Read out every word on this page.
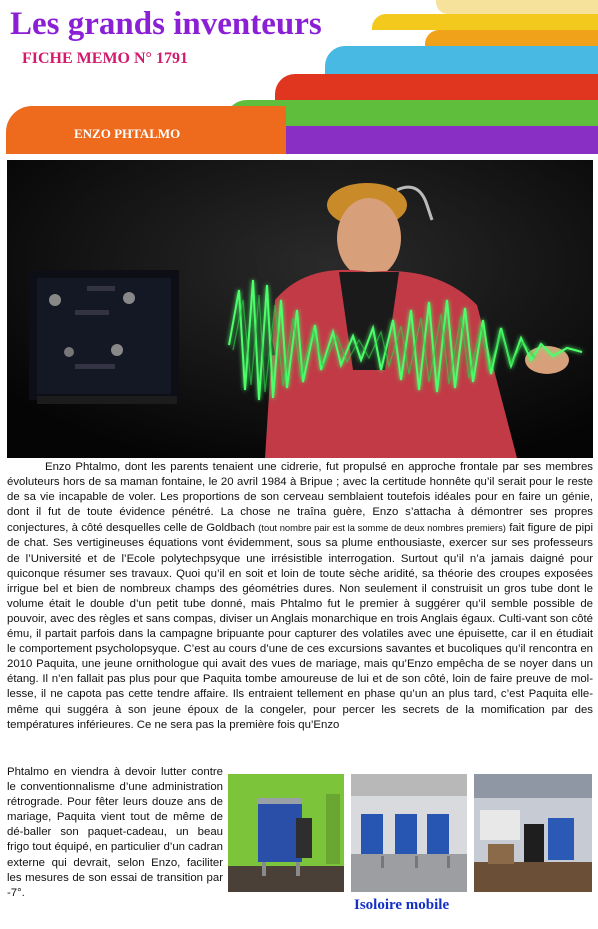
Les grands inventeurs
FICHE MEMO N° 1791
ENZO PHTALMO

Enzo Phtalmo, dont les parents tenaient une cidrerie, fut propulsé en approche frontale par ses membres évoluteurs hors de sa maman fontaine, le 20 avril 1984 à Bripue ; avec la certitude honnête qu’il serait pour le reste de sa vie incapable de voler. Les proportions de son cerveau semblaient toutefois idéales pour en faire un génie, dont il fut de toute évidence pénétré. La chose ne traîna guère, Enzo s’attacha à démontrer ses propres conjectures, à côté desquelles celle de Goldbach (tout nombre pair est la somme de deux nombres premiers) fait figure de pipi de chat. Ses vertigineuses équations vont évidemment, sous sa plume enthousiaste, exercer sur ses professeurs de l’Université et de l’Ecole polytechpsyque une irrésistible interrogation. Surtout qu’il n’a jamais daigné pour quiconque résumer ses travaux. Quoi qu’il en soit et loin de toute sèche aridité, sa théorie des croupes exposées irrigue bel et bien de nombreux champs des géométries dures. Non seulement il construisit un gros tube dont le volume était le double d’un petit tube donné, mais Phtalmo fut le premier à suggérer qu’il semble possible de pouvoir, avec des règles et sans compas, diviser un Anglais monarchique en trois Anglais égaux. Culti-vant son côté ému, il partait parfois dans la campagne bripuante pour capturer des volatiles avec une épuisette, car il en étudiait le comportement psycholopsyque. C’est au cours d’une de ces excursions savantes et bucoliques qu’il rencontra en 2010 Paquita, une jeune ornithologue qui avait des vues de mariage, mais qu’Enzo empêcha de se noyer dans un étang. Il n’en fallait pas plus pour que Paquita tombe amoureuse de lui et de son côté, loin de faire preuve de mol-lesse, il ne capota pas cette tendre affaire. Ils entraient tellement en phase qu’un an plus tard, c’est Paquita elle-même qui suggéra à son jeune époux de la congeler, pour percer les secrets de la momification par des températures inférieures. Ce ne sera pas la première fois qu’Enzo

Phtalmo en viendra à devoir lutter contre le conventionnalisme d’une administration rétrograde. Pour fêter leurs douze ans de mariage, Paquita vient tout de même de dé-baller son paquet-cadeau, un beau frigo tout équipé, en particulier d’un cadran externe qui devrait, selon Enzo, faciliter les mesures de son essai de transition par -7°.

Isoloire mobile
